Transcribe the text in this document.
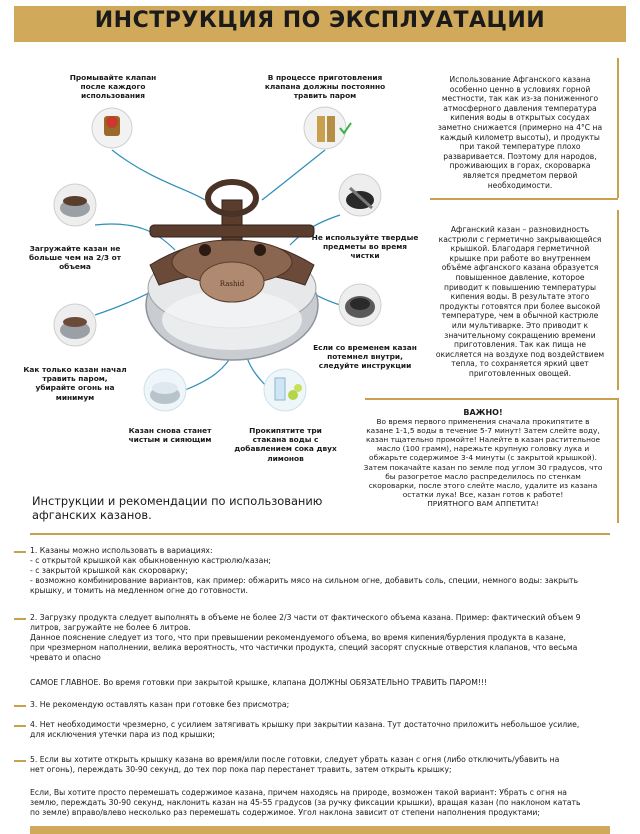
ИНСТРУКЦИЯ ПО ЭКСПЛУАТАЦИИ
Rashid
Промывайте клапан
после каждого
использования
В процессе приготовления
клапана должны постоянно
травить паром
Загружайте казан не
больше чем на 2/3 от
объема
Не используйте твердые
предметы во время
чистки
Если со временем казан
потемнел внутри,
следуйте инструкции
Как только казан начал
травить паром,
убирайте огонь на
минимум
Казан снова станет
чистым и сияющим
Прокипятите три
стакана воды с
добавлением сока двух
лимонов
Использование Афганского казана
особенно ценно в условиях горной
местности, так как из-за пониженного
атмосферного давления температура
кипения воды в открытых сосудах
заметно снижается (примерно на 4°C на
каждый километр высоты), и продукты
при такой температуре плохо
разваривается. Поэтому для народов,
проживающих в горах, скороварка
является предметом первой
необходимости.
Афганский казан – разновидность
кастрюли с герметично закрывающейся
крышкой. Благодаря герметичной
крышке при работе во внутреннем
объёме афганского казана образуется
повышенное давление, которое
приводит к повышению температуры
кипения воды. В результате этого
продукты готовятся при более высокой
температуре, чем в обычной кастрюле
или мультиварке. Это приводит к
значительному сокращению времени
приготовления. Так как пища не
окисляется на воздухе под воздействием
тепла, то сохраняется яркий цвет
приготовленных овощей.
ВАЖНО!
Во время первого применения сначала прокипятите в
казане 1-1,5 воды в течение 5-7 минут! Затем слейте воду,
казан тщательно промойте! Налейте в казан растительное
масло (100 грамм), нарежьте крупную головку лука и
обжарьте содержимое 3-4 минуты (с закрытой крышкой).
Затем покачайте казан по земле под углом 30 градусов, что
бы разогретое масло распределилось по стенкам
скороварки, после этого слейте масло, удалите из казана
остатки лука! Все, казан готов к работе!
ПРИЯТНОГО ВАМ АППЕТИТА!
Инструкции и рекомендации по использованию
афганских казанов.
1. Казаны можно использовать в вариациях:
- с открытой крышкой как обыкновенную кастрюлю/казан;
- с закрытой крышкой как скороварку;
- возможно комбинирование вариантов, как пример: обжарить мясо на сильном огне, добавить соль, специи, немного воды: закрыть
крышку, и томить на медленном огне до готовности.
2. Загрузку продукта следует выполнять в объеме не более 2/3 части от фактического объема казана. Пример: фактический объем 9
литров, загружайте не более 6 литров.
Данное пояснение следует из того, что при превышении рекомендуемого объема, во время кипения/бурления продукта в казане,
при чрезмерном наполнении, велика вероятность, что частички продукта, специй засорят спускные отверстия клапанов, что весьма
чревато и опасно
САМОЕ ГЛАВНОЕ. Во время готовки при закрытой крышке, клапана ДОЛЖНЫ ОБЯЗАТЕЛЬНО ТРАВИТЬ ПАРОМ!!!
3. Не рекомендую оставлять казан при готовке без присмотра;
4. Нет необходимости чрезмерно, с усилием затягивать крышку при закрытии казана. Тут достаточно приложить небольшое усилие,
для исключения утечки пара из под крышки;
5. Если вы хотите открыть крышку казана во время/или после готовки, следует убрать казан с огня (либо отключить/убавить на
нет огонь), переждать 30-90 секунд, до тех пор пока пар перестанет травить, затем открыть крышку;
Если, Вы хотите просто перемешать содержимое казана, причем находясь на природе, возможен такой вариант: Убрать с огня на
землю, переждать 30-90 секунд, наклонить казан на 45-55 градусов (за ручку фиксации крышки), вращая казан (по наклоном катать
по земле) вправо/влево несколько раз перемешать содержимое. Угол наклона зависит от степени наполнения продуктами;
